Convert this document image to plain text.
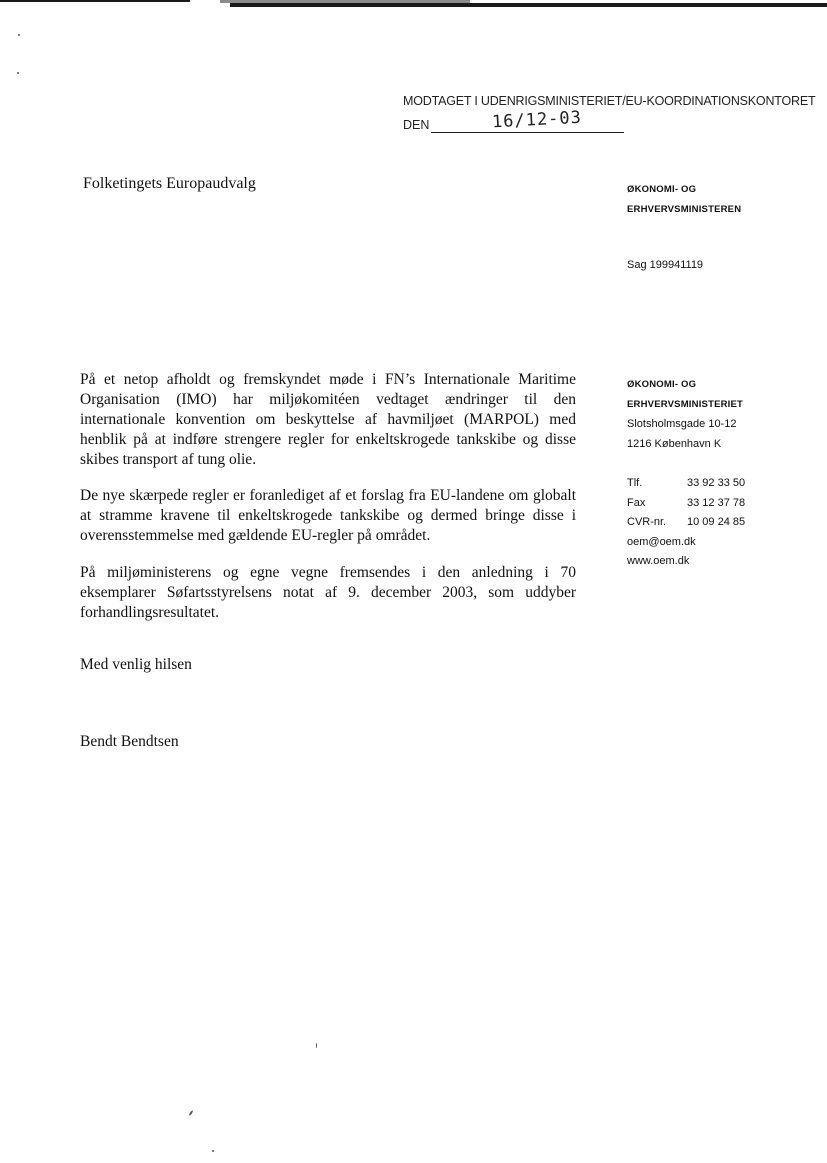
MODTAGET I UDENRIGSMINISTERIET/EU-KOORDINATIONSKONTORET
DEN	16/12-03
Folketingets Europaudvalg	ØKONOMI- OG
ERHVERVSMINISTEREN
Sag 199941119
ØKONOMI- OG
ERHVERVSMINISTERIET
Slotsholmsgade 10-12
1216 København K
Tlf.	33 92 33 50
Fax	33 12 37 78
CVR-nr.	10 09 24 85
oem@oem.dk
www.oem.dk
På et netop afholdt og fremskyndet møde i FN’s Internationale Maritime Organisation (IMO) har miljøkomitéen vedtaget ændringer til den internationale konvention om beskyttelse af havmiljøet (MARPOL) med henblik på at indføre strengere regler for enkeltskrogede tankskibe og disse skibes transport af tung olie.
De nye skærpede regler er foranlediget af et forslag fra EU-landene om globalt at stramme kravene til enkeltskrogede tankskibe og dermed bringe disse i overensstemmelse med gældende EU-regler på området.
På miljøministerens og egne vegne fremsendes i den anledning i 70 eksemplarer Søfartsstyrelsens notat af 9. december 2003, som uddyber forhandlingsresultatet.
Med venlig hilsen
Bendt Bendtsen
